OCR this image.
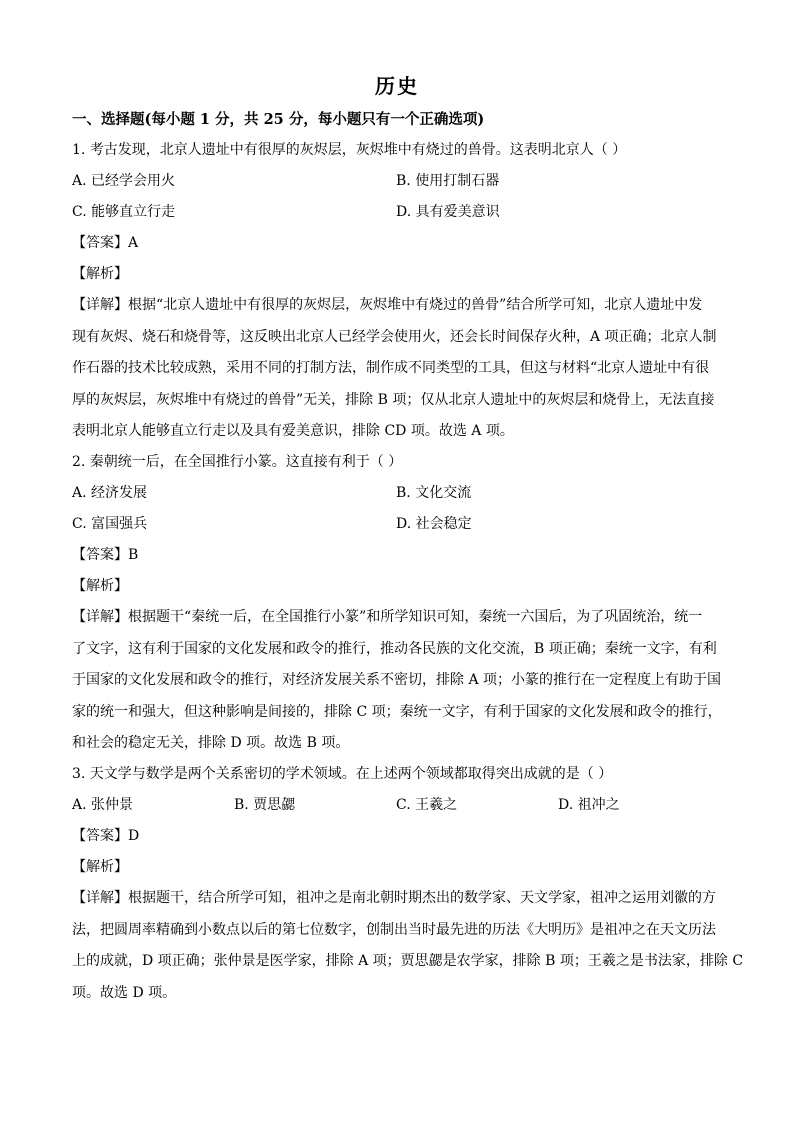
历史
一、选择题(每小题 1 分，共 25 分，每小题只有一个正确选项)
1. 考古发现，北京人遗址中有很厚的灰烬层，灰烬堆中有烧过的兽骨。这表明北京人（ ）
A. 已经学会用火	B. 使用打制石器
C. 能够直立行走	D. 具有爱美意识
【答案】A
【解析】
【详解】根据“北京人遗址中有很厚的灰烬层，灰烬堆中有烧过的兽骨”结合所学可知，北京人遗址中发
现有灰烬、烧石和烧骨等，这反映出北京人已经学会使用火，还会长时间保存火种，A 项正确；北京人制
作石器的技术比较成熟，采用不同的打制方法，制作成不同类型的工具，但这与材料“北京人遗址中有很
厚的灰烬层，灰烬堆中有烧过的兽骨”无关，排除 B 项；仅从北京人遗址中的灰烬层和烧骨上，无法直接
表明北京人能够直立行走以及具有爱美意识，排除 CD 项。故选 A 项。
2. 秦朝统一后，在全国推行小篆。这直接有利于（ ）
A. 经济发展	B. 文化交流
C. 富国强兵	D. 社会稳定
【答案】B
【解析】
【详解】根据题干“秦统一后，在全国推行小篆”和所学知识可知，秦统一六国后，为了巩固统治，统一
了文字，这有利于国家的文化发展和政令的推行，推动各民族的文化交流，B 项正确；秦统一文字，有利
于国家的文化发展和政令的推行，对经济发展关系不密切，排除 A 项；小篆的推行在一定程度上有助于国
家的统一和强大，但这种影响是间接的，排除 C 项；秦统一文字，有利于国家的文化发展和政令的推行，
和社会的稳定无关，排除 D 项。故选 B 项。
3. 天文学与数学是两个关系密切的学术领域。在上述两个领域都取得突出成就的是（ ）
A. 张仲景	B. 贾思勰	C. 王羲之	D. 祖冲之
【答案】D
【解析】
【详解】根据题干，结合所学可知，祖冲之是南北朝时期杰出的数学家、天文学家，祖冲之运用刘徽的方
法，把圆周率精确到小数点以后的第七位数字，创制出当时最先进的历法《大明历》是祖冲之在天文历法
上的成就，D 项正确；张仲景是医学家，排除 A 项；贾思勰是农学家，排除 B 项；王羲之是书法家，排除 C
项。故选 D 项。
